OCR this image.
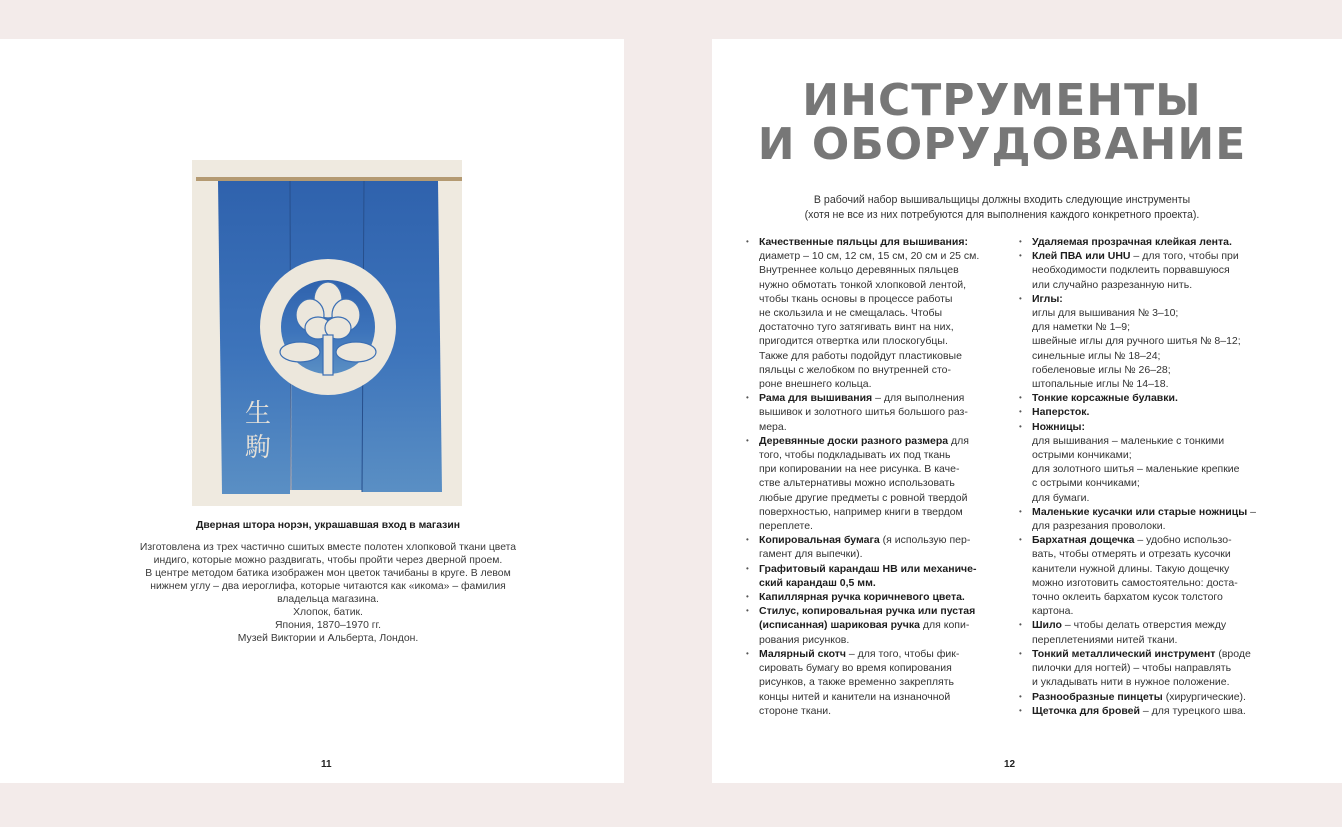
生
駒
Дверная штора норэн, украшавшая вход в магазин
Изготовлена из трех частично сшитых вместе полотен хлопковой ткани цвета
индиго, которые можно раздвигать, чтобы пройти через дверной проем.
В центре методом батика изображен мон цветок тачибаны в круге. В левом
нижнем углу – два иероглифа, которые читаются как «икома» – фамилия
владельца магазина.
Хлопок, батик.
Япония, 1870–1970 гг.
Музей Виктории и Альберта, Лондон.
11
ИНСТРУМЕНТЫ
И ОБОРУДОВАНИЕ
В рабочий набор вышивальщицы должны входить следующие инструменты
(хотя не все из них потребуются для выполнения каждого конкретного проекта).
• Качественные пяльцы для вышивания:
диаметр – 10 см, 12 см, 15 см, 20 см и 25 см.
Внутреннее кольцо деревянных пяльцев
нужно обмотать тонкой хлопковой лентой,
чтобы ткань основы в процессе работы
не скользила и не смещалась. Чтобы
достаточно туго затягивать винт на них,
пригодится отвертка или плоскогубцы.
Также для работы подойдут пластиковые
пяльцы с желобком по внутренней сто-
роне внешнего кольца.
• Рама для вышивания – для выполнения
вышивок и золотного шитья большого раз-
мера.
• Деревянные доски разного размера для
того, чтобы подкладывать их под ткань
при копировании на нее рисунка. В каче-
стве альтернативы можно использовать
любые другие предметы с ровной твердой
поверхностью, например книги в твердом
переплете.
• Копировальная бумага (я использую пер-
гамент для выпечки).
• Графитовый карандаш НВ или механиче-
ский карандаш 0,5 мм.
• Капиллярная ручка коричневого цвета.
• Стилус, копировальная ручка или пустая
(исписанная) шариковая ручка для копи-
рования рисунков.
• Малярный скотч – для того, чтобы фик-
сировать бумагу во время копирования
рисунков, а также временно закреплять
концы нитей и канители на изнаночной
стороне ткани.
• Удаляемая прозрачная клейкая лента.
• Клей ПВА или UHU – для того, чтобы при
необходимости подклеить порвавшуюся
или случайно разрезанную нить.
• Иглы:
иглы для вышивания № 3–10;
для наметки № 1–9;
швейные иглы для ручного шитья № 8–12;
синельные иглы № 18–24;
гобеленовые иглы № 26–28;
штопальные иглы № 14–18.
• Тонкие корсажные булавки.
• Наперсток.
• Ножницы:
для вышивания – маленькие с тонкими
острыми кончиками;
для золотного шитья – маленькие крепкие
с острыми кончиками;
для бумаги.
• Маленькие кусачки или старые ножницы –
для разрезания проволоки.
• Бархатная дощечка – удобно использо-
вать, чтобы отмерять и отрезать кусочки
канители нужной длины. Такую дощечку
можно изготовить самостоятельно: доста-
точно оклеить бархатом кусок толстого
картона.
• Шило – чтобы делать отверстия между
переплетениями нитей ткани.
• Тонкий металлический инструмент (вроде
пилочки для ногтей) – чтобы направлять
и укладывать нити в нужное положение.
• Разнообразные пинцеты (хирургические).
• Щеточка для бровей – для турецкого шва.
12
